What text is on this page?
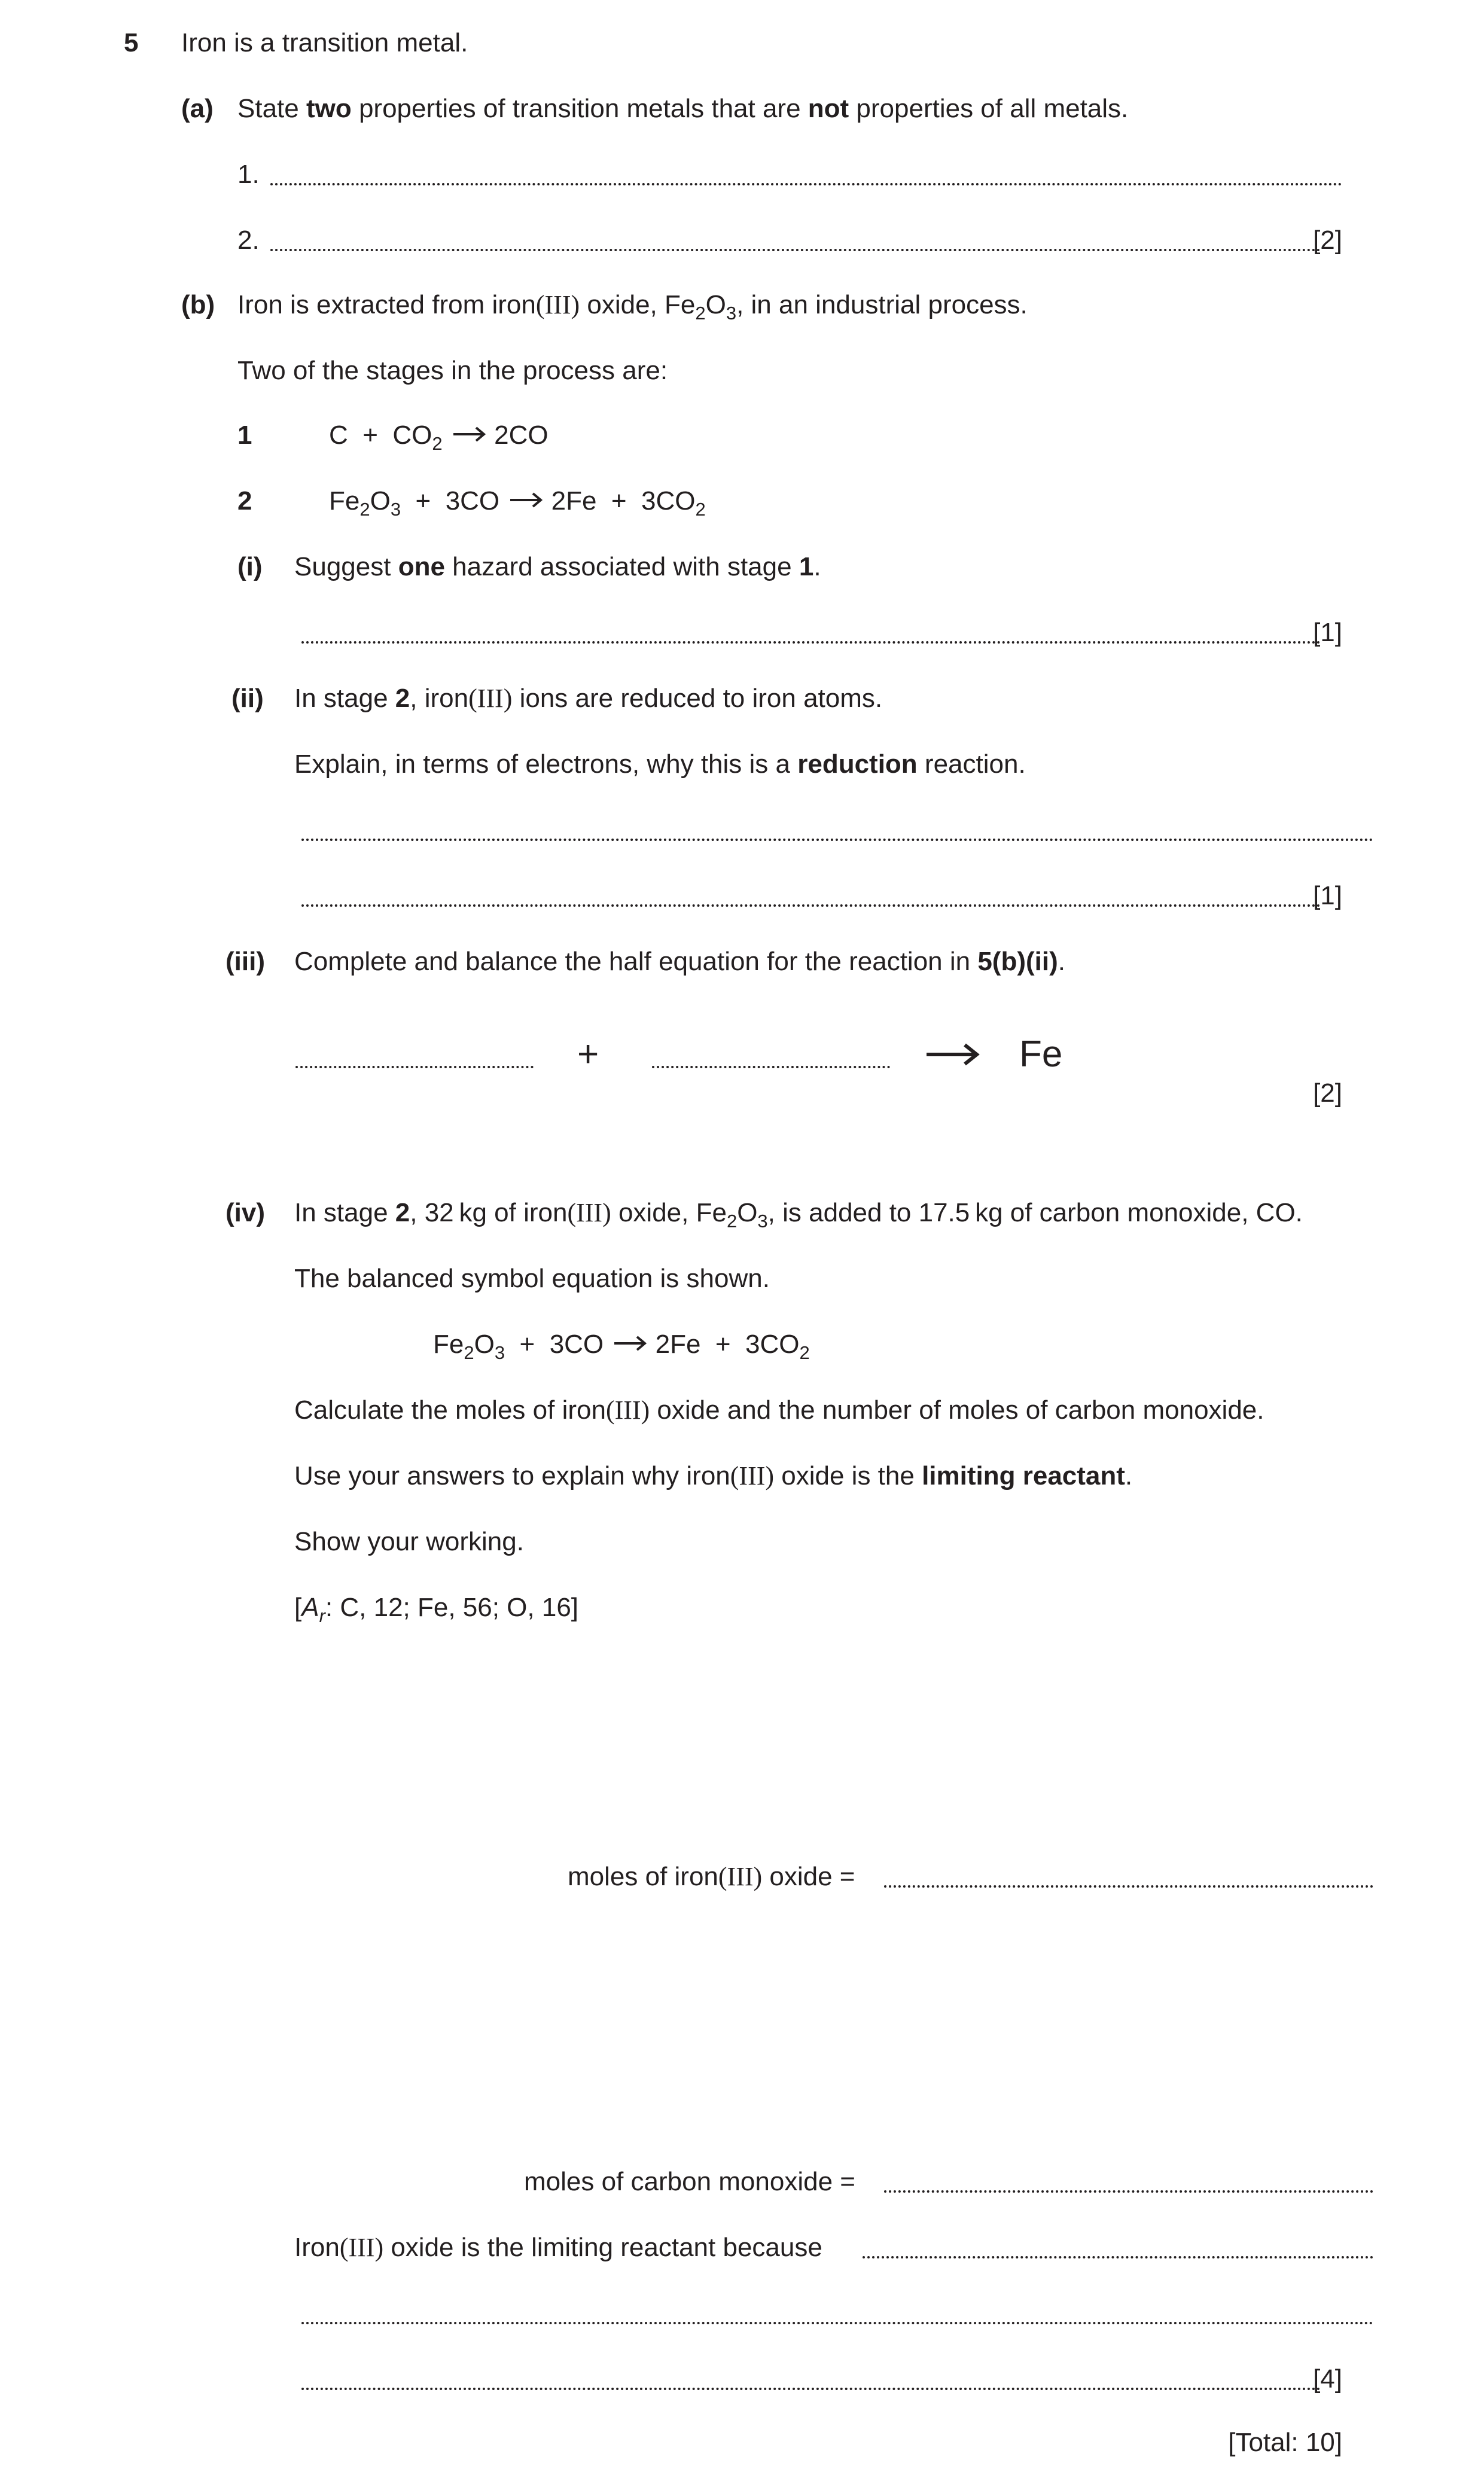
5 Iron is a transition metal.
(a) State two properties of transition metals that are not properties of all metals.
1.
2.	[2]
(b) Iron is extracted from iron(III) oxide, $Fe_2O_3$, in an industrial process.
Two of the stages in the process are:
1	$C + CO_2$ 2CO
2	$Fe_2O_3 + 3CO$ $2Fe + 3CO_2$
(i) Suggest one hazard associated with stage 1.
[1]
(ii) In stage 2, iron(III) ions are reduced to iron atoms.
Explain, in terms of electrons, why this is a reduction reaction.
[1]
(iii) Complete and balance the half equation for the reaction in 5(b)(ii).
+	Fe
[2]
(iv) In stage 2, 32 kg of iron(III) oxide, $Fe_2O_3$, is added to 17.5 kg of carbon monoxide, CO.
The balanced symbol equation is shown.
$Fe_2O_3 + 3CO$ $2Fe + 3CO_2$
Calculate the moles of iron(III) oxide and the number of moles of carbon monoxide.
Use your answers to explain why iron(III) oxide is the limiting reactant.
Show your working.
[$A_r$: C, 12; Fe, 56; O, 16]
moles of iron(III) oxide =
moles of carbon monoxide =
Iron(III) oxide is the limiting reactant because
[4]
[Total: 10]
